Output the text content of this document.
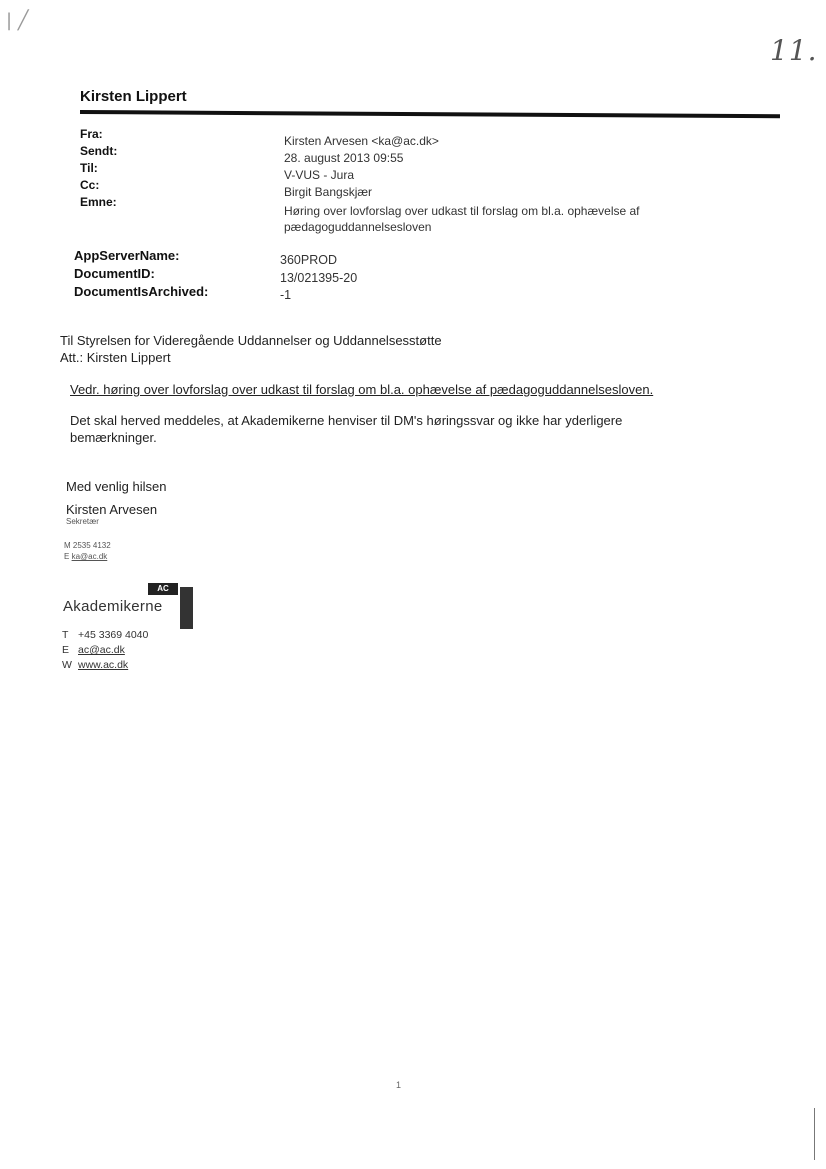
| ╱
11.
Kirsten Lippert
Fra:
Sendt:
Til:
Cc:
Emne:
Kirsten Arvesen <ka@ac.dk>
28. august 2013 09:55
V-VUS - Jura
Birgit Bangskjær
Høring over lovforslag over udkast til forslag om bl.a. ophævelse af
pædagoguddannelsesloven
AppServerName:
DocumentID:
DocumentIsArchived:
360PROD
13/021395-20
-1
Til Styrelsen for Videregående Uddannelser og Uddannelsesstøtte
Att.: Kirsten Lippert
Vedr. høring over lovforslag over udkast til forslag om bl.a. ophævelse af pædagoguddannelsesloven.
Det skal herved meddeles, at Akademikerne henviser til DM's høringssvar og ikke har yderligere
bemærkninger.
Med venlig hilsen
Kirsten Arvesen
Sekretær
M 2535 4132
E ka@ac.dk
AC
Akademikerne
T +45 3369 4040
E ac@ac.dk
W www.ac.dk
1
